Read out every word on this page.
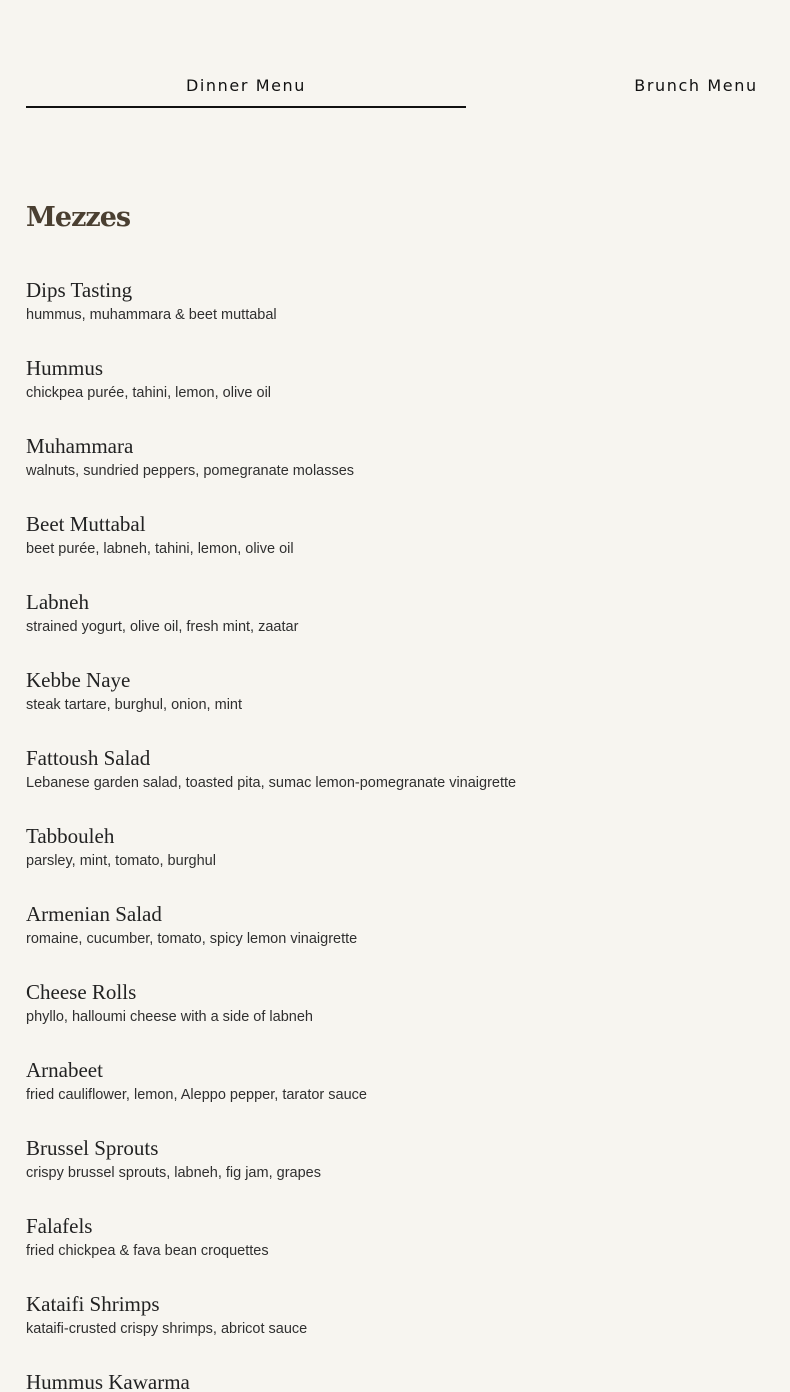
Dinner Menu	Brunch Menu
Mezzes
Dips Tasting
hummus, muhammara & beet muttabal
Hummus
chickpea purée, tahini, lemon, olive oil
Muhammara
walnuts, sundried peppers, pomegranate molasses
Beet Muttabal
beet purée, labneh, tahini, lemon, olive oil
Labneh
strained yogurt, olive oil, fresh mint, zaatar
Kebbe Naye
steak tartare, burghul, onion, mint
Fattoush Salad
Lebanese garden salad, toasted pita, sumac lemon-pomegranate vinaigrette
Tabbouleh
parsley, mint, tomato, burghul
Armenian Salad
romaine, cucumber, tomato, spicy lemon vinaigrette
Cheese Rolls
phyllo, halloumi cheese with a side of labneh
Arnabeet
fried cauliflower, lemon, Aleppo pepper, tarator sauce
Brussel Sprouts
crispy brussel sprouts, labneh, fig jam, grapes
Falafels
fried chickpea & fava bean croquettes
Kataifi Shrimps
kataifi-crusted crispy shrimps, abricot sauce
Hummus Kawarma
